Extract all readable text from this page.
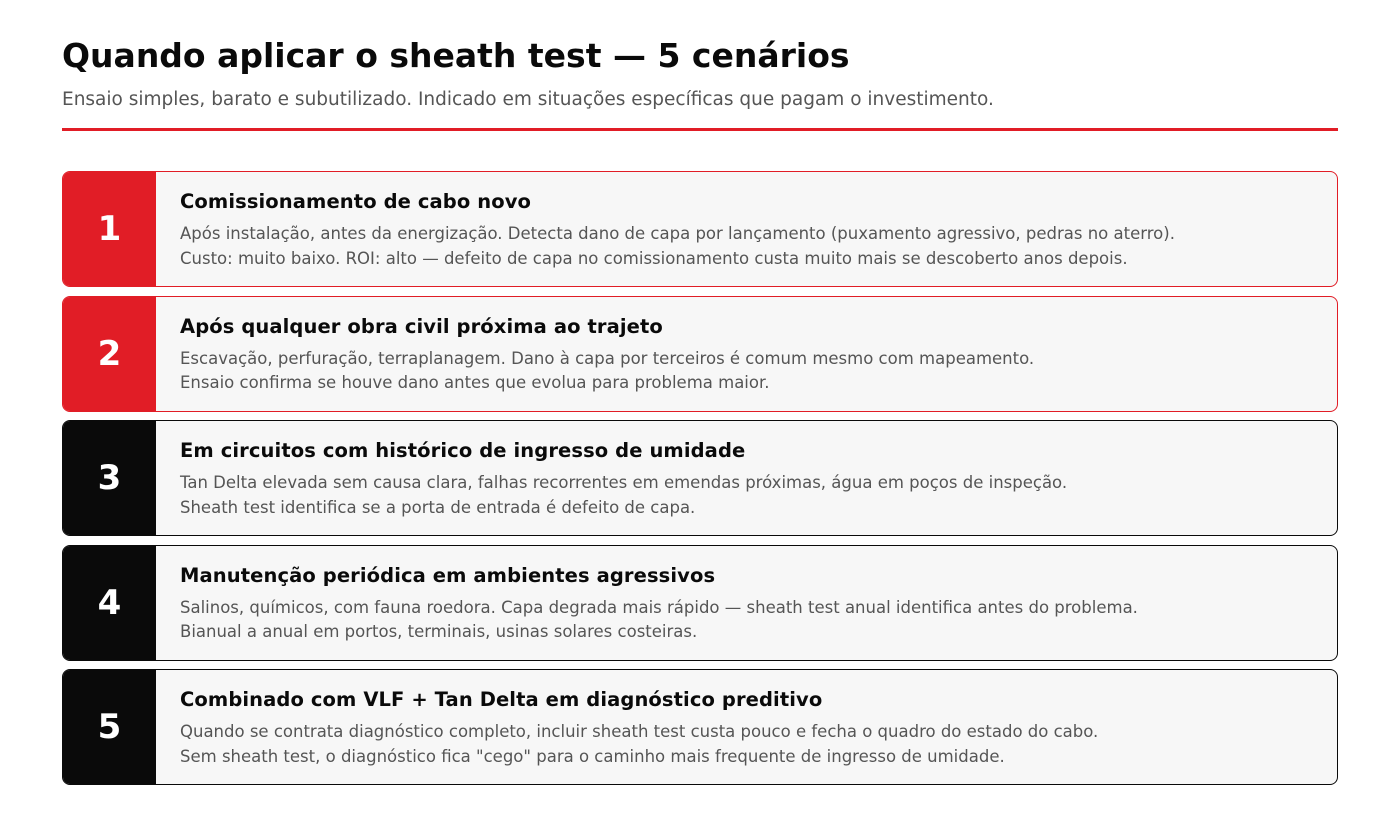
Quando aplicar o sheath test — 5 cenários

Ensaio simples, barato e subutilizado. Indicado em situações específicas que pagam o investimento.

1
Comissionamento de cabo novo
Após instalação, antes da energização. Detecta dano de capa por lançamento (puxamento agressivo, pedras no aterro).
Custo: muito baixo. ROI: alto — defeito de capa no comissionamento custa muito mais se descoberto anos depois.
2
Após qualquer obra civil próxima ao trajeto
Escavação, perfuração, terraplanagem. Dano à capa por terceiros é comum mesmo com mapeamento.
Ensaio confirma se houve dano antes que evolua para problema maior.
3
Em circuitos com histórico de ingresso de umidade
Tan Delta elevada sem causa clara, falhas recorrentes em emendas próximas, água em poços de inspeção.
Sheath test identifica se a porta de entrada é defeito de capa.
4
Manutenção periódica em ambientes agressivos
Salinos, químicos, com fauna roedora. Capa degrada mais rápido — sheath test anual identifica antes do problema.
Bianual a anual em portos, terminais, usinas solares costeiras.
5
Combinado com VLF + Tan Delta em diagnóstico preditivo
Quando se contrata diagnóstico completo, incluir sheath test custa pouco e fecha o quadro do estado do cabo.
Sem sheath test, o diagnóstico fica "cego" para o caminho mais frequente de ingresso de umidade.
